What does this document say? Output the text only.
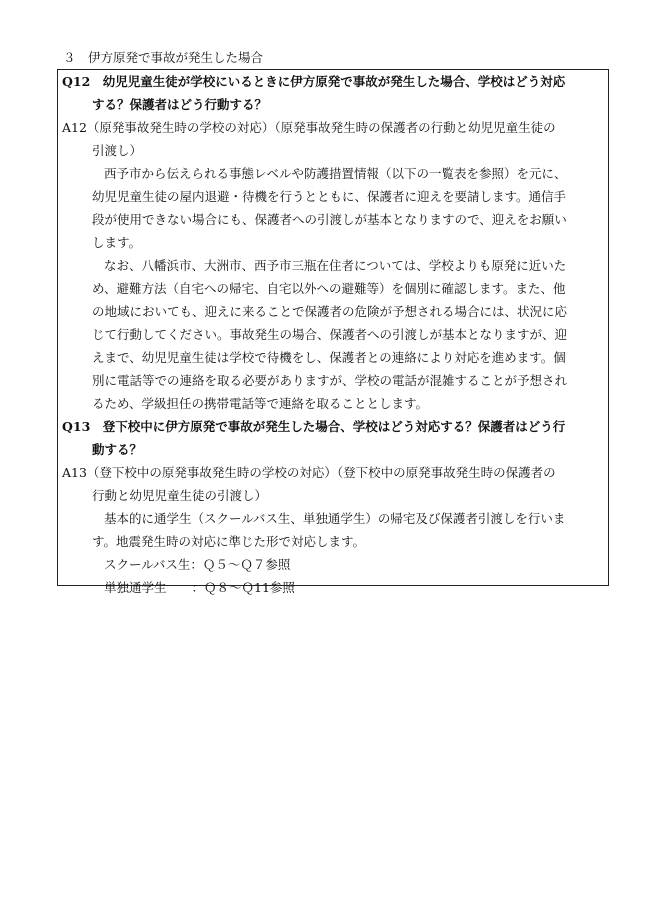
３　伊方原発で事故が発生した場合
Q12　幼児児童生徒が学校にいるときに伊方原発で事故が発生した場合、学校はどう対応
する？保護者はどう行動する？
A12（原発事故発生時の学校の対応）（原発事故発生時の保護者の行動と幼児児童生徒の
引渡し）
西予市から伝えられる事態レベルや防護措置情報（以下の一覧表を参照）を元に、
幼児児童生徒の屋内退避・待機を行うとともに、保護者に迎えを要請します。通信手
段が使用できない場合にも、保護者への引渡しが基本となりますので、迎えをお願い
します。
なお、八幡浜市、大洲市、西予市三瓶在住者については、学校よりも原発に近いた
め、避難方法（自宅への帰宅、自宅以外への避難等）を個別に確認します。また、他
の地域においても、迎えに来ることで保護者の危険が予想される場合には、状況に応
じて行動してください。事故発生の場合、保護者への引渡しが基本となりますが、迎
えまで、幼児児童生徒は学校で待機をし、保護者との連絡により対応を進めます。個
別に電話等での連絡を取る必要がありますが、学校の電話が混雑することが予想され
るため、学級担任の携帯電話等で連絡を取ることとします。
Q13　登下校中に伊方原発で事故が発生した場合、学校はどう対応する？保護者はどう行
動する？
A13（登下校中の原発事故発生時の学校の対応）（登下校中の原発事故発生時の保護者の
行動と幼児児童生徒の引渡し）
基本的に通学生（スクールバス生、単独通学生）の帰宅及び保護者引渡しを行いま
す。地震発生時の対応に準じた形で対応します。
スクールバス生：Ｑ５～Ｑ７参照
単独通学生　　：Ｑ８～Ｑ11参照
